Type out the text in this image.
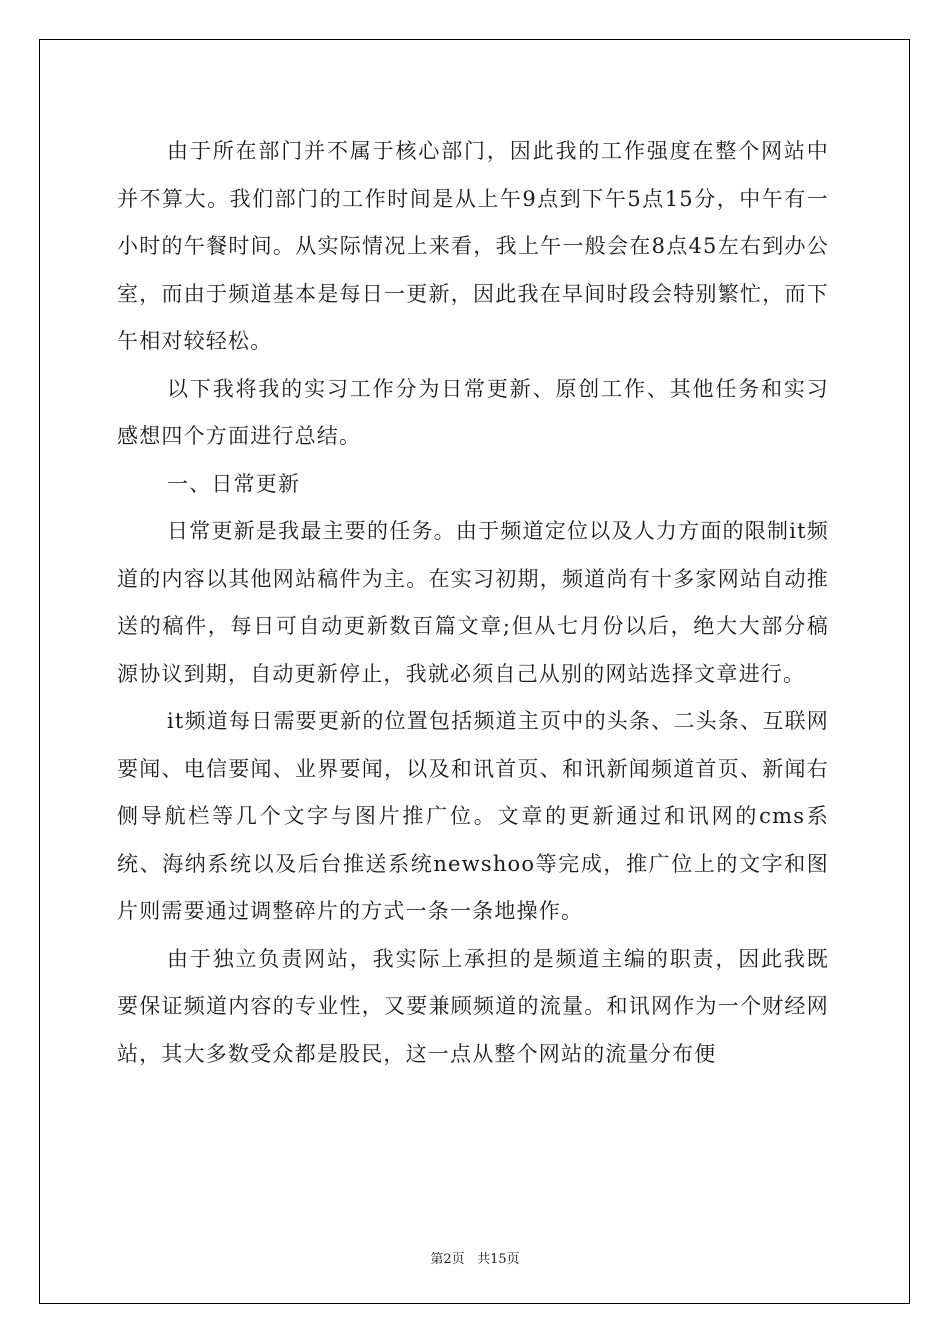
由于所在部门并不属于核心部门，因此我的工作强度在整个网站中并不算大。我们部门的工作时间是从上午9点到下午5点15分，中午有一小时的午餐时间。从实际情况上来看，我上午一般会在8点45左右到办公室，而由于频道基本是每日一更新，因此我在早间时段会特别繁忙，而下午相对较轻松。

以下我将我的实习工作分为日常更新、原创工作、其他任务和实习感想四个方面进行总结。

一、日常更新

日常更新是我最主要的任务。由于频道定位以及人力方面的限制it频道的内容以其他网站稿件为主。在实习初期，频道尚有十多家网站自动推送的稿件，每日可自动更新数百篇文章;但从七月份以后，绝大大部分稿源协议到期，自动更新停止，我就必须自己从别的网站选择文章进行。

it频道每日需要更新的位置包括频道主页中的头条、二头条、互联网要闻、电信要闻、业界要闻，以及和讯首页、和讯新闻频道首页、新闻右侧导航栏等几个文字与图片推广位。文章的更新通过和讯网的cms系统、海纳系统以及后台推送系统newshoo等完成，推广位上的文字和图片则需要通过调整碎片的方式一条一条地操作。

由于独立负责网站，我实际上承担的是频道主编的职责，因此我既要保证频道内容的专业性，又要兼顾频道的流量。和讯网作为一个财经网站，其大多数受众都是股民，这一点从整个网站的流量分布便

第2页 共15页
